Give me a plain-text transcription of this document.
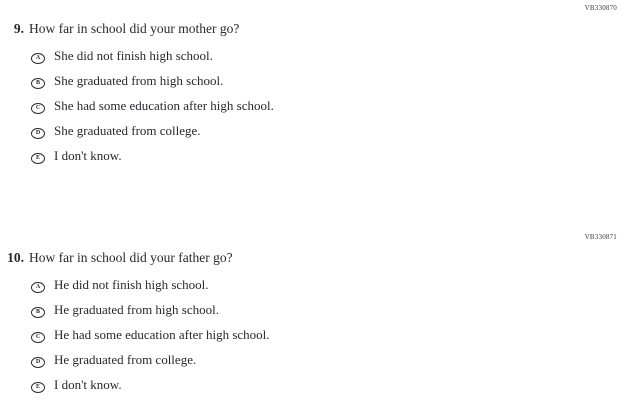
VB330870
9. How far in school did your mother go?
A She did not finish high school.
B She graduated from high school.
C She had some education after high school.
D She graduated from college.
E I don't know.
VB330871
10. How far in school did your father go?
A He did not finish high school.
B He graduated from high school.
C He had some education after high school.
D He graduated from college.
E I don't know.
